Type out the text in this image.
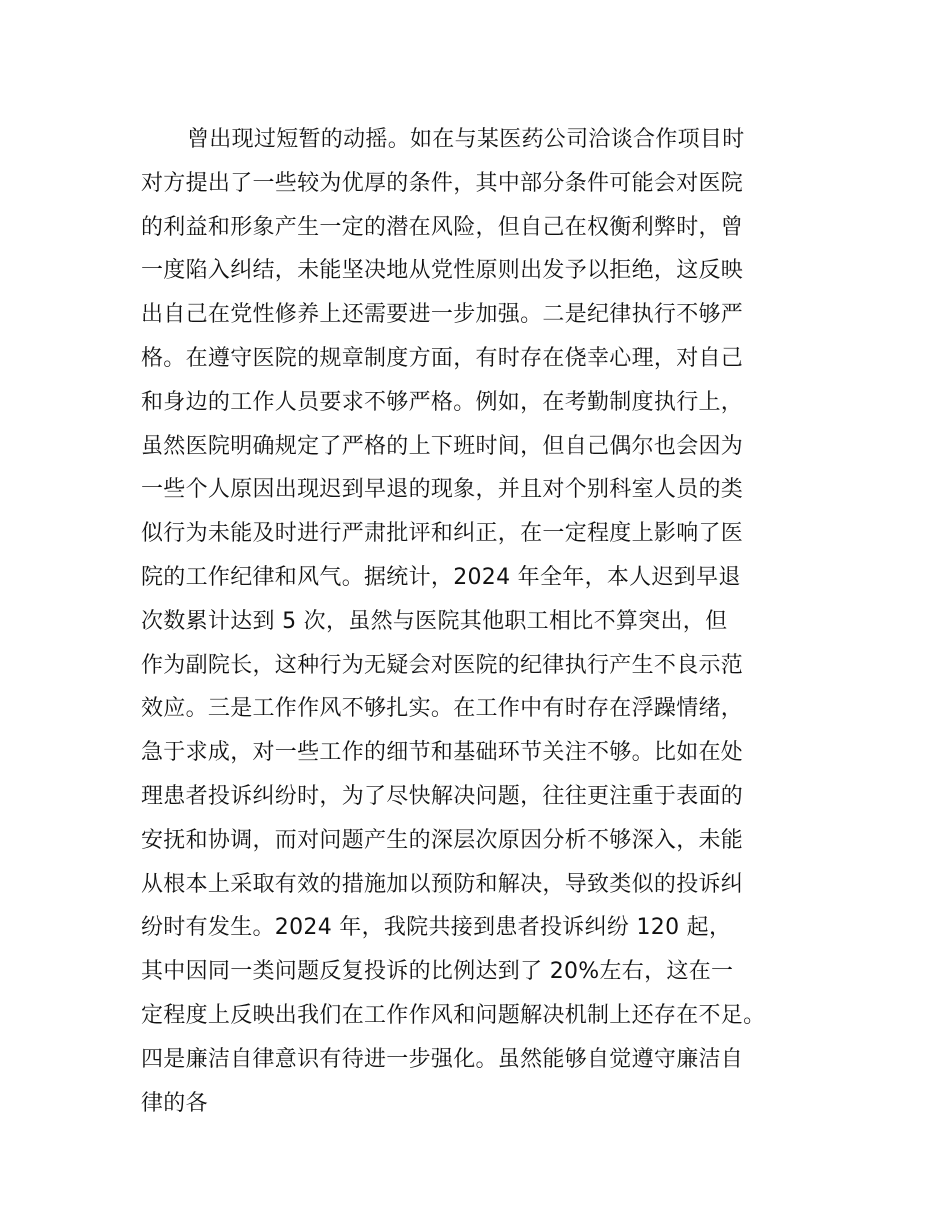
曾出现过短暂的动摇。如在与某医药公司洽谈合作项目时
对方提出了一些较为优厚的条件，其中部分条件可能会对医院
的利益和形象产生一定的潜在风险，但自己在权衡利弊时，曾
一度陷入纠结，未能坚决地从党性原则出发予以拒绝，这反映
出自己在党性修养上还需要进一步加强。二是纪律执行不够严
格。在遵守医院的规章制度方面，有时存在侥幸心理，对自己
和身边的工作人员要求不够严格。例如，在考勤制度执行上，
虽然医院明确规定了严格的上下班时间，但自己偶尔也会因为
一些个人原因出现迟到早退的现象，并且对个别科室人员的类
似行为未能及时进行严肃批评和纠正，在一定程度上影响了医
院的工作纪律和风气。据统计，2024 年全年，本人迟到早退
次数累计达到 5 次，虽然与医院其他职工相比不算突出，但
作为副院长，这种行为无疑会对医院的纪律执行产生不良示范
效应。三是工作作风不够扎实。在工作中有时存在浮躁情绪，
急于求成，对一些工作的细节和基础环节关注不够。比如在处
理患者投诉纠纷时，为了尽快解决问题，往往更注重于表面的
安抚和协调，而对问题产生的深层次原因分析不够深入，未能
从根本上采取有效的措施加以预防和解决，导致类似的投诉纠
纷时有发生。2024 年，我院共接到患者投诉纠纷 120 起，
其中因同一类问题反复投诉的比例达到了 20%左右，这在一
定程度上反映出我们在工作作风和问题解决机制上还存在不足。
四是廉洁自律意识有待进一步强化。虽然能够自觉遵守廉洁自
律的各
